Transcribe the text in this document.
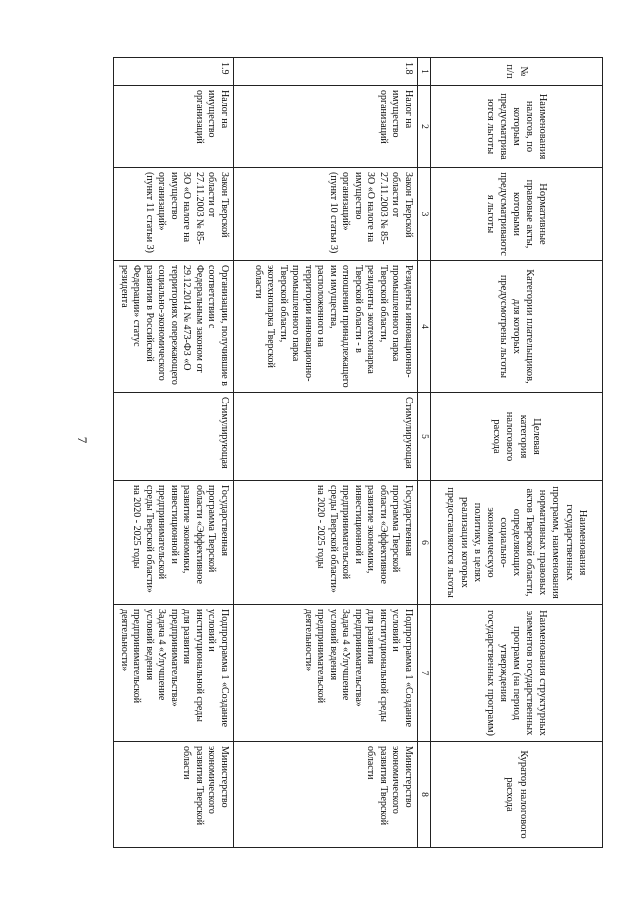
7
№ п/п	Наименования налогов, по которым предусматриваются льготы	Нормативные правовые акты, которыми предусматриваются льготы	Категории плательщиков, для которых предусмотрены льготы	Целевая категория налогового расхода	Наименования государственных программ, наименования нормативных правовых актов Тверской области, определяющих социально-экономическую политику, в целях реализации которых предоставляются льготы	Наименования структурных элементов государственных программ (на период утверждения государственных программ)	Куратор налогового расхода
1	2	3	4	5	6	7	8
1.8	Налог на имущество организаций	Закон Тверской области от 27.11.2003 № 85-ЗО «О налоге на имущество организаций» (пункт 10 статьи 3)	Резиденты инновационно-промышленного парка Тверской области, резиденты экотехнопарка Тверской области - в отношении принадлежащего им имущества, расположенного на территории инновационно-промышленного парка Тверской области, экотехнопарка Тверской области	Стимулирующая	Государственная программа Тверской области «Эффективное развитие экономики, инвестиционной и предпринимательской среды Тверской области» на 2020 - 2025 годы	Подпрограмма 1 «Создание условий и институциональной среды для развития предпринимательства» Задача 4 «Улучшение условий ведения предпринимательской деятельности»	Министерство экономического развития Тверской области
1.9	Налог на имущество организаций	Закон Тверской области от 27.11.2003 № 85-ЗО «О налоге на имущество организаций» (пункт 11 статьи 3)	Организации, получившие в соответствии с Федеральным законом от 29.12.2014 № 473-ФЗ «О территориях опережающего социально-экономического развития в Российской Федерации» статус резидента	Стимулирующая	Государственная программа Тверской области «Эффективное развитие экономики, инвестиционной и предпринимательской среды Тверской области» на 2020 - 2025 годы	Подпрограмма 1 «Создание условий и институциональной среды для развития предпринимательства» Задача 4 «Улучшение условий ведения предпринимательской деятельности»	Министерство экономического развития Тверской области
